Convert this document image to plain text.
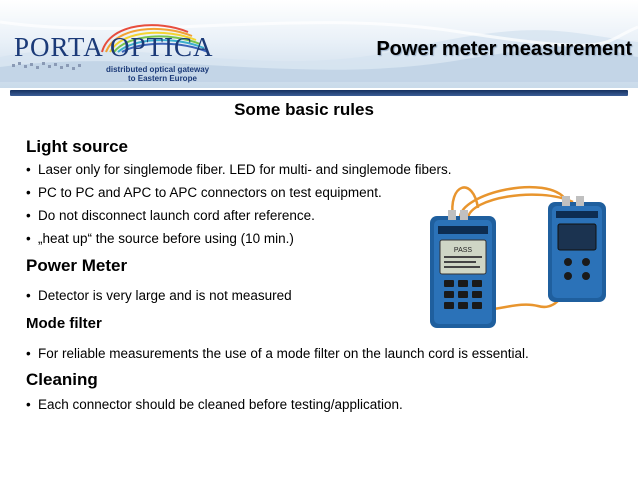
PORTA OPTICA
distributed optical gateway
to Eastern Europe
Power meter measurement
Some basic rules
Light source
• Laser only for singlemode fiber. LED for multi- and singlemode fibers.
• PC to PC and APC to APC connectors on test equipment.
• Do not disconnect launch cord after reference.
• „heat up“ the source before using (10 min.)
Power Meter
• Detector is very large and is not measured
Mode filter
• For reliable measurements the use of a mode filter on the launch cord is essential.
Cleaning
• Each connector should be cleaned before testing/application.
PASS
